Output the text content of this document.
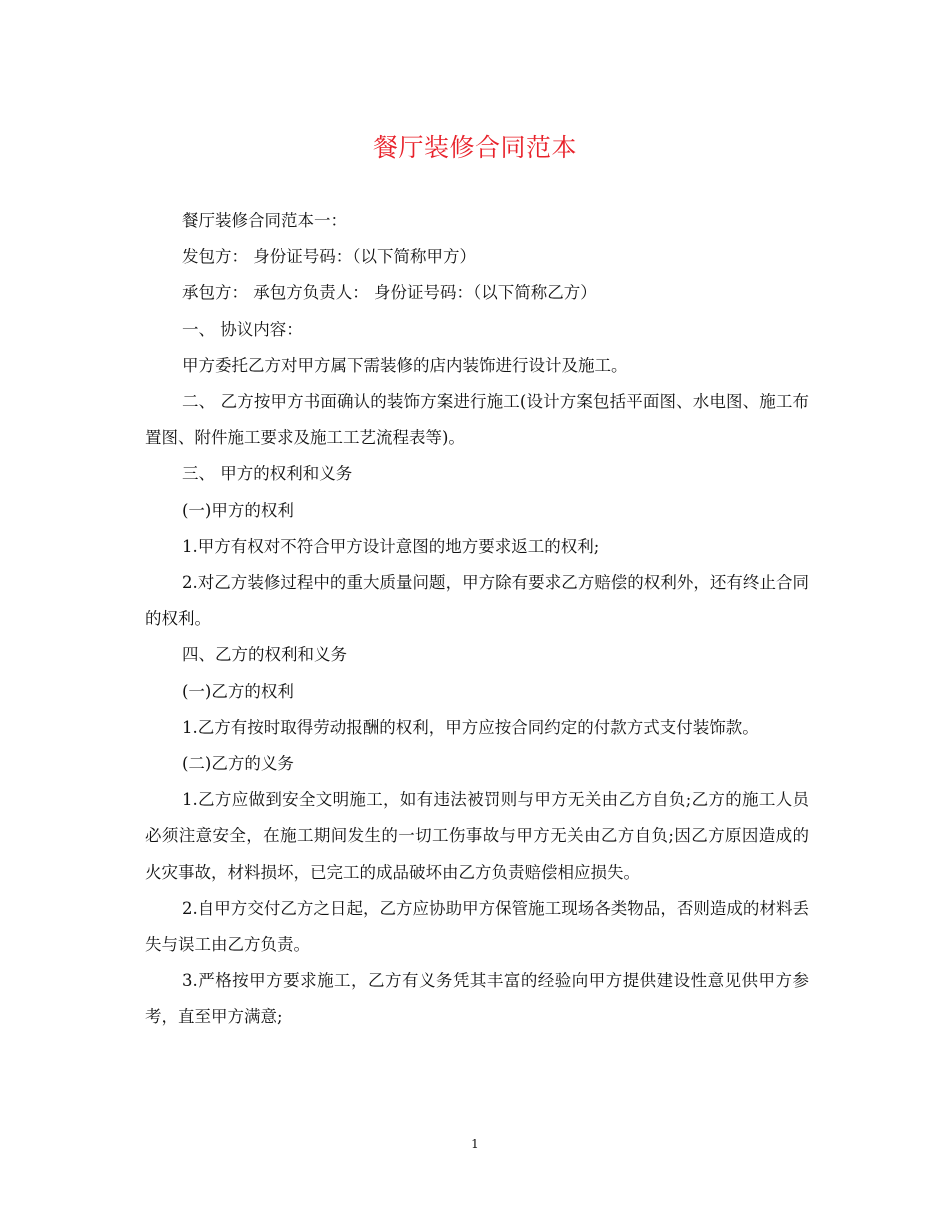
餐厅装修合同范本

餐厅装修合同范本一：

发包方： 身份证号码：（以下简称甲方）

承包方： 承包方负责人： 身份证号码：（以下简称乙方）

一、 协议内容：

甲方委托乙方对甲方属下需装修的店内装饰进行设计及施工。

二、 乙方按甲方书面确认的装饰方案进行施工(设计方案包括平面图、水电图、施工布置图、附件施工要求及施工工艺流程表等)。

三、 甲方的权利和义务

(一)甲方的权利

1.甲方有权对不符合甲方设计意图的地方要求返工的权利;

2.对乙方装修过程中的重大质量问题，甲方除有要求乙方赔偿的权利外，还有终止合同的权利。

四、乙方的权利和义务

(一)乙方的权利

1.乙方有按时取得劳动报酬的权利，甲方应按合同约定的付款方式支付装饰款。

(二)乙方的义务

1.乙方应做到安全文明施工，如有违法被罚则与甲方无关由乙方自负;乙方的施工人员必须注意安全，在施工期间发生的一切工伤事故与甲方无关由乙方自负;因乙方原因造成的火灾事故，材料损坏，已完工的成品破坏由乙方负责赔偿相应损失。

2.自甲方交付乙方之日起，乙方应协助甲方保管施工现场各类物品，否则造成的材料丢失与误工由乙方负责。

3.严格按甲方要求施工，乙方有义务凭其丰富的经验向甲方提供建设性意见供甲方参考，直至甲方满意;

1
